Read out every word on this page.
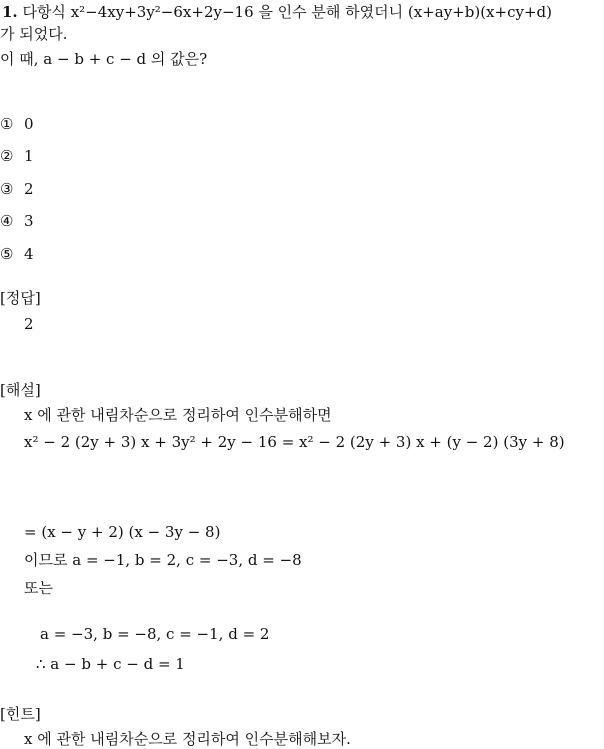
1. 다항식 x²−4xy+3y²−6x+2y−16 을 인수 분해 하였더니 (x+ay+b)(x+cy+d)
가 되었다.
이 때, a − b + c − d 의 값은?
① 0
② 1
③ 2
④ 3
⑤ 4
[정답]
2
[해설]
x 에 관한 내림차순으로 정리하여 인수분해하면
x² − 2 (2y + 3) x + 3y² + 2y − 16 = x² − 2 (2y + 3) x + (y − 2) (3y + 8)
= (x − y + 2) (x − 3y − 8)
이므로 a = −1, b = 2, c = −3, d = −8
또는
a = −3, b = −8, c = −1, d = 2
∴ a − b + c − d = 1
[힌트]
x 에 관한 내림차순으로 정리하여 인수분해해보자.
